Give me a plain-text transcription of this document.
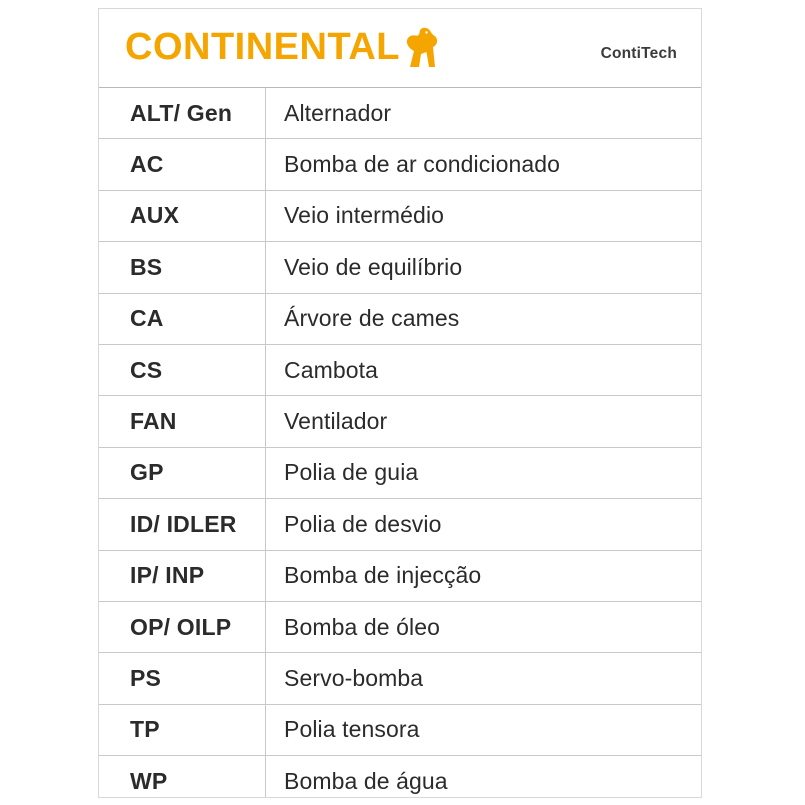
CONTINENTAL	ContiTech
ALT/ Gen	Alternador
AC	Bomba de ar condicionado
AUX	Veio intermédio
BS	Veio de equilíbrio
CA	Árvore de cames
CS	Cambota
FAN	Ventilador
GP	Polia de guia
ID/ IDLER	Polia de desvio
IP/ INP	Bomba de injecção
OP/ OILP	Bomba de óleo
PS	Servo-bomba
TP	Polia tensora
WP	Bomba de água
